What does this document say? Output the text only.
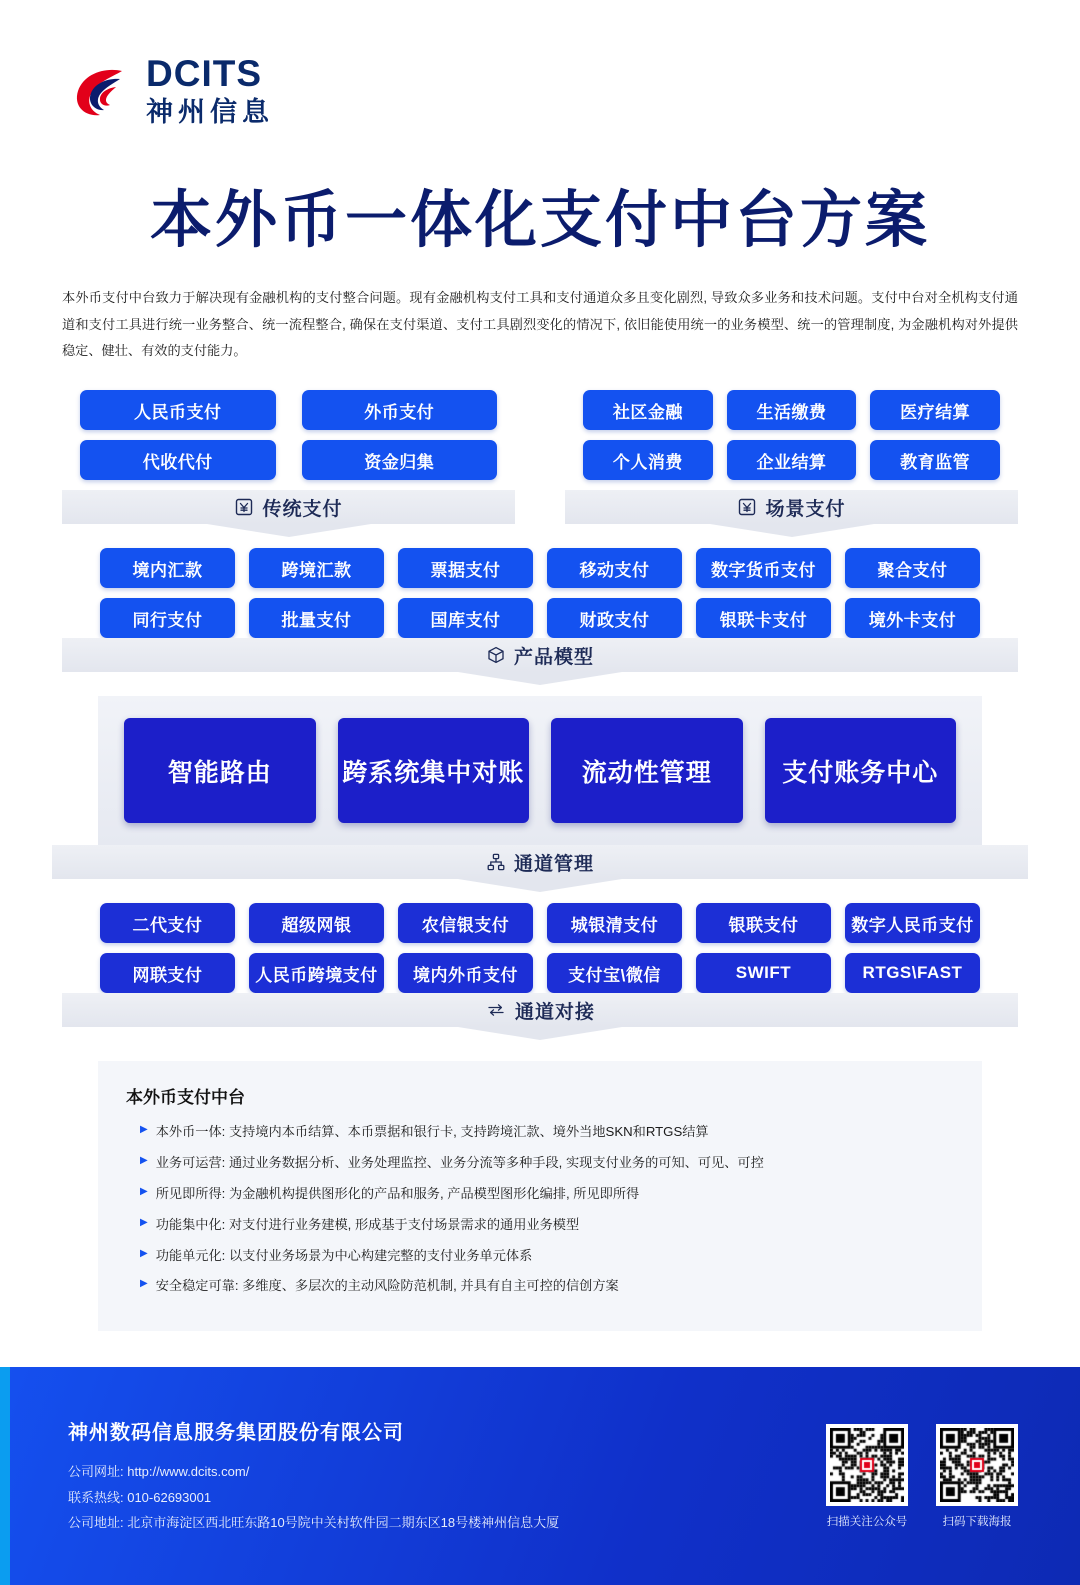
DCITS
神州信息
本外币一体化支付中台方案
本外币支付中台致力于解决现有金融机构的支付整合问题。现有金融机构支付工具和支付通道众多且变化剧烈, 导致众多业务和技术问题。支付中台对全机构支付通道和支付工具进行统一业务整合、统一流程整合, 确保在支付渠道、支付工具剧烈变化的情况下, 依旧能使用统一的业务模型、统一的管理制度, 为金融机构对外提供稳定、健壮、有效的支付能力。
人民币支付	外币支付
代收代付	资金归集
传统支付
社区金融	生活缴费	医疗结算
个人消费	企业结算	教育监管
场景支付
境内汇款	跨境汇款	票据支付	移动支付	数字货币支付	聚合支付
同行支付	批量支付	国库支付	财政支付	银联卡支付	境外卡支付
产品模型
智能路由	跨系统集中对账	流动性管理	支付账务中心
通道管理
二代支付	超级网银	农信银支付	城银清支付	银联支付	数字人民币支付
网联支付	人民币跨境支付	境内外币支付	支付宝\微信	SWIFT	RTGS\FAST
通道对接
本外币支付中台
▶ 本外币一体: 支持境内本币结算、本币票据和银行卡, 支持跨境汇款、境外当地SKN和RTGS结算
▶ 业务可运营: 通过业务数据分析、业务处理监控、业务分流等多种手段, 实现支付业务的可知、可见、可控
▶ 所见即所得: 为金融机构提供图形化的产品和服务, 产品模型图形化编排, 所见即所得
▶ 功能集中化: 对支付进行业务建模, 形成基于支付场景需求的通用业务模型
▶ 功能单元化: 以支付业务场景为中心构建完整的支付业务单元体系
▶ 安全稳定可靠: 多维度、多层次的主动风险防范机制, 并具有自主可控的信创方案
神州数码信息服务集团股份有限公司
公司网址: http://www.dcits.com/
联系热线: 010-62693001
公司地址: 北京市海淀区西北旺东路10号院中关村软件园二期东区18号楼神州信息大厦	扫描关注公众号	扫码下载海报
